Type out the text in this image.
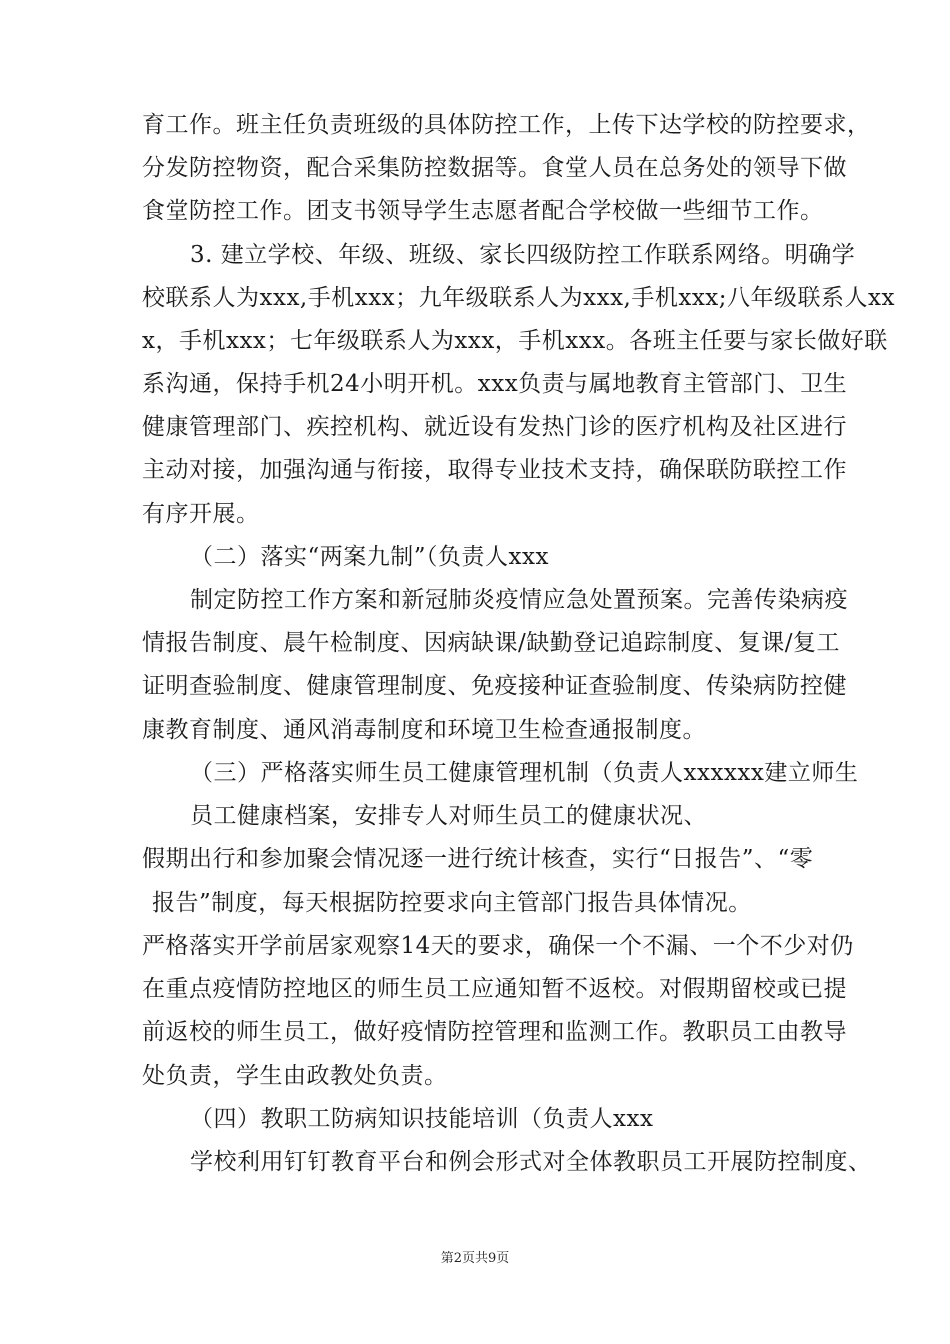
育工作。班主任负责班级的具体防控工作，上传下达学校的防控要求，
分发防控物资，配合采集防控数据等。食堂人员在总务处的领导下做
食堂防控工作。团支书领导学生志愿者配合学校做一些细节工作。
3. 建立学校、年级、班级、家长四级防控工作联系网络。明确学
校联系人为xxx,手机xxx；九年级联系人为xxx,手机xxx;八年级联系人xx
x，手机xxx；七年级联系人为xxx，手机xxx。各班主任要与家长做好联
系沟通，保持手机24小明开机。xxx负责与属地教育主管部门、卫生
健康管理部门、疾控机构、就近设有发热门诊的医疗机构及社区进行
主动对接，加强沟通与衔接，取得专业技术支持，确保联防联控工作
有序开展。
（二）落实“两案九制”（负责人xxx
制定防控工作方案和新冠肺炎疫情应急处置预案。完善传染病疫
情报告制度、晨午检制度、因病缺课/缺勤登记追踪制度、复课/复工
证明查验制度、健康管理制度、免疫接种证查验制度、传染病防控健
康教育制度、通风消毒制度和环境卫生检查通报制度。
（三）严格落实师生员工健康管理机制（负责人xxxxxx建立师生
员工健康档案，安排专人对师生员工的健康状况、
假期出行和参加聚会情况逐一进行统计核查，实行“日报告”、“零
报告”制度，每天根据防控要求向主管部门报告具体情况。
严格落实开学前居家观察14天的要求，确保一个不漏、一个不少对仍
在重点疫情防控地区的师生员工应通知暂不返校。对假期留校或已提
前返校的师生员工，做好疫情防控管理和监测工作。教职员工由教导
处负责，学生由政教处负责。
（四）教职工防病知识技能培训（负责人xxx
学校利用钉钉教育平台和例会形式对全体教职员工开展防控制度、
第2页共9页
